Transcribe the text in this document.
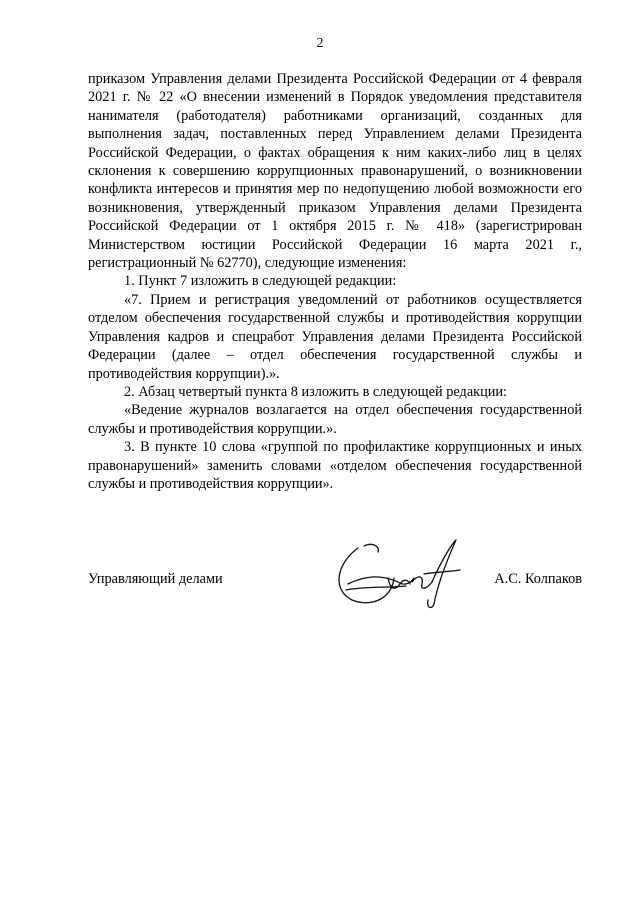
2

приказом Управления делами Президента Российской Федерации от 4 февраля 2021 г. № 22 «О внесении изменений в Порядок уведомления представителя нанимателя (работодателя) работниками организаций, созданных для выполнения задач, поставленных перед Управлением делами Президента Российской Федерации, о фактах обращения к ним каких-либо лиц в целях склонения к совершению коррупционных правонарушений, о возникновении конфликта интересов и принятия мер по недопущению любой возможности его возникновения, утвержденный приказом Управления делами Президента Российской Федерации от 1 октября 2015 г. № 418» (зарегистрирован Министерством юстиции Российской Федерации 16 марта 2021 г., регистрационный № 62770), следующие изменения:

1. Пункт 7 изложить в следующей редакции:

«7. Прием и регистрация уведомлений от работников осуществляется отделом обеспечения государственной службы и противодействия коррупции Управления кадров и спецработ Управления делами Президента Российской Федерации (далее – отдел обеспечения государственной службы и противодействия коррупции).».

2. Абзац четвертый пункта 8 изложить в следующей редакции:

«Ведение журналов возлагается на отдел обеспечения государственной службы и противодействия коррупции.».

3. В пункте 10 слова «группой по профилактике коррупционных и иных правонарушений» заменить словами «отделом обеспечения государственной службы и противодействия коррупции».

Управляющий делами	А.С. Колпаков
